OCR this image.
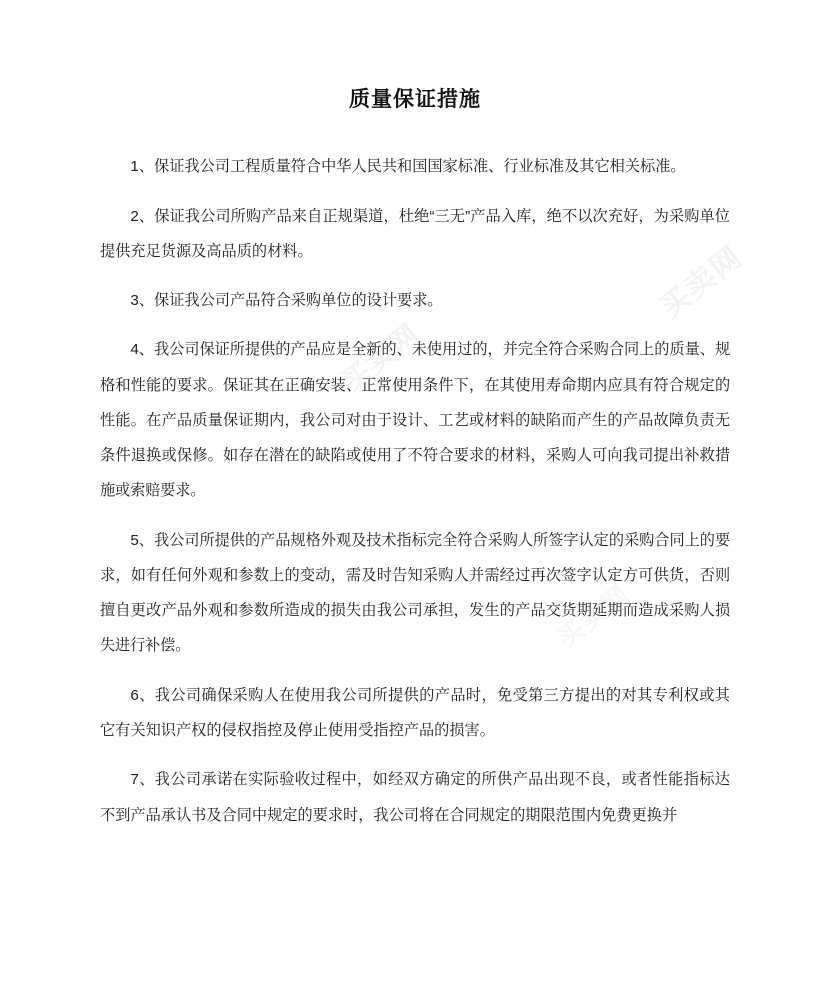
买卖网
买卖网
买卖网
质量保证措施

1、保证我公司工程质量符合中华人民共和国国家标准、行业标准及其它相关标准。

2、保证我公司所购产品来自正规渠道，杜绝“三无”产品入库，绝不以次充好，为采购单位提供充足货源及高品质的材料。

3、保证我公司产品符合采购单位的设计要求。

4、我公司保证所提供的产品应是全新的、未使用过的，并完全符合采购合同上的质量、规格和性能的要求。保证其在正确安装、正常使用条件下，在其使用寿命期内应具有符合规定的性能。在产品质量保证期内，我公司对由于设计、工艺或材料的缺陷而产生的产品故障负责无条件退换或保修。如存在潜在的缺陷或使用了不符合要求的材料，采购人可向我司提出补救措施或索赔要求。

5、我公司所提供的产品规格外观及技术指标完全符合采购人所签字认定的采购合同上的要求，如有任何外观和参数上的变动，需及时告知采购人并需经过再次签字认定方可供货，否则擅自更改产品外观和参数所造成的损失由我公司承担，发生的产品交货期延期而造成采购人损失进行补偿。

6、我公司确保采购人在使用我公司所提供的产品时，免受第三方提出的对其专利权或其它有关知识产权的侵权指控及停止使用受指控产品的损害。

7、我公司承诺在实际验收过程中，如经双方确定的所供产品出现不良，或者性能指标达不到产品承认书及合同中规定的要求时，我公司将在合同规定的期限范围内免费更换并
